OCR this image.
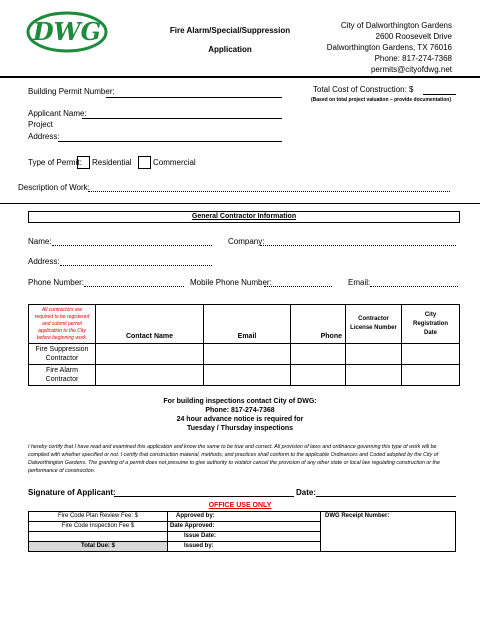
DWG	Fire Alarm/Special/Suppression
Application
City of Dalworthington Gardens
2600 Roosevelt Drive
Dalworthington Gardens, TX 76016
Phone: 817-274-7368
permits@cityofdwg.net
Building Permit Number:	Total Cost of Construction: $
(Based on total project valuation – provide documentation)
Applicant Name:
Project
Address:
Type of Permit: Residential	Commercial
Description of Work:
General Contractor Information
Name:	Company:
Address:
Phone Number:	Mobile Phone Number:	Email:
All contractors are required to be registered and submit permit application to the City before beginning work.	Contact Name	Email	Phone	Contractor License Number	City Registration Date
Fire Suppression Contractor					
Fire Alarm Contractor					
For building inspections contact City of DWG:
Phone: 817-274-7368
24 hour advance notice is required for
Tuesday / Thursday inspections
I hereby certify that I have read and examined this application and know the same to be true and correct. All provision of laws and ordinance governing this type of work will be complied with whether specified or not. I certify that construction material, methods, and practices shall conform to the applicable Ordinances and Coded adopted by the City of Dalworthington Gardens. The granting of a permit does not presume to give authority to violator cancel the provision of any other state or local law regulating construction or the performance of construction.
Signature of Applicant:	Date:
OFFICE USE ONLY
Fire Code Plan Review Fee: $	Approved by:	DWG Receipt Number:
Fire Code Inspection Fee $	Date Approved:	
	Issue Date:	
Total Due: $	Issued by:	
